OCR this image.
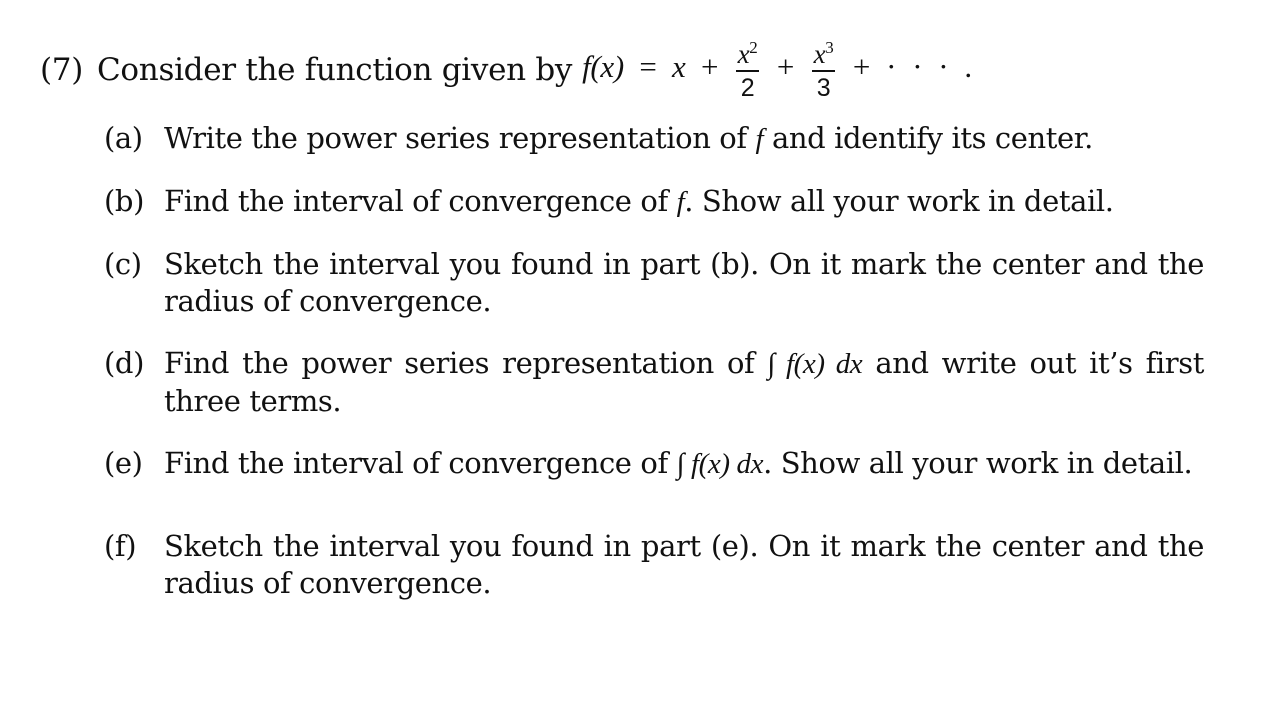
(7) Consider the function given by $f(x) = x + \frac{x^2}{2} + \frac{x^3}{3}$ + · · · .
(a) Write the power series representation of f and identify its center.
(b) Find the interval of convergence of f. Show all your work in detail.
(c) Sketch the interval you found in part (b). On it mark the center and the radius of convergence.
(d) Find the power series representation of ∫ f(x) dx and write out it’s first three terms.
(e) Find the interval of convergence of ∫ f(x) dx. Show all your work in detail.
(f) Sketch the interval you found in part (e). On it mark the center and the radius of convergence.
